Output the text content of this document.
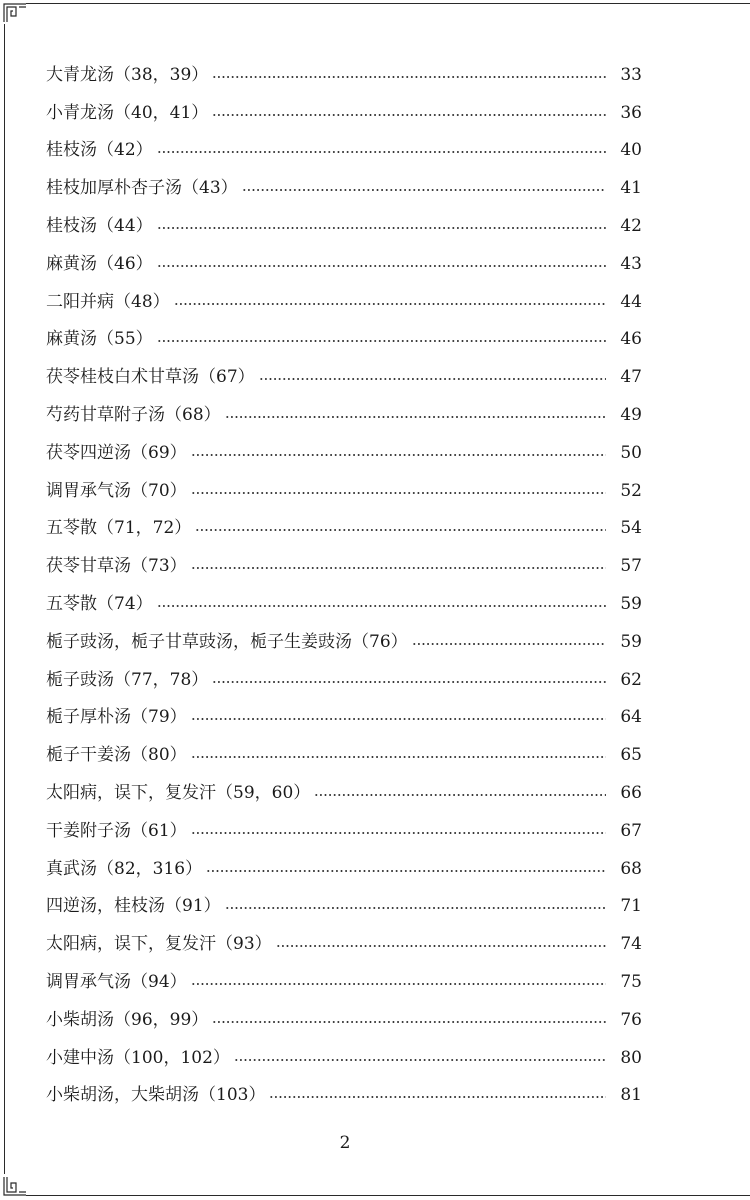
大青龙汤（38，39）	33
小青龙汤（40，41）	36
桂枝汤（42）	40
桂枝加厚朴杏子汤（43）	41
桂枝汤（44）	42
麻黄汤（46）	43
二阳并病（48）	44
麻黄汤（55）	46
茯苓桂枝白术甘草汤（67）	47
芍药甘草附子汤（68）	49
茯苓四逆汤（69）	50
调胃承气汤（70）	52
五苓散（71，72）	54
茯苓甘草汤（73）	57
五苓散（74）	59
栀子豉汤，栀子甘草豉汤，栀子生姜豉汤（76）	59
栀子豉汤（77，78）	62
栀子厚朴汤（79）	64
栀子干姜汤（80）	65
太阳病，误下，复发汗（59，60）	66
干姜附子汤（61）	67
真武汤（82，316）	68
四逆汤，桂枝汤（91）	71
太阳病，误下，复发汗（93）	74
调胃承气汤（94）	75
小柴胡汤（96，99）	76
小建中汤（100，102）	80
小柴胡汤，大柴胡汤（103）	81
2
